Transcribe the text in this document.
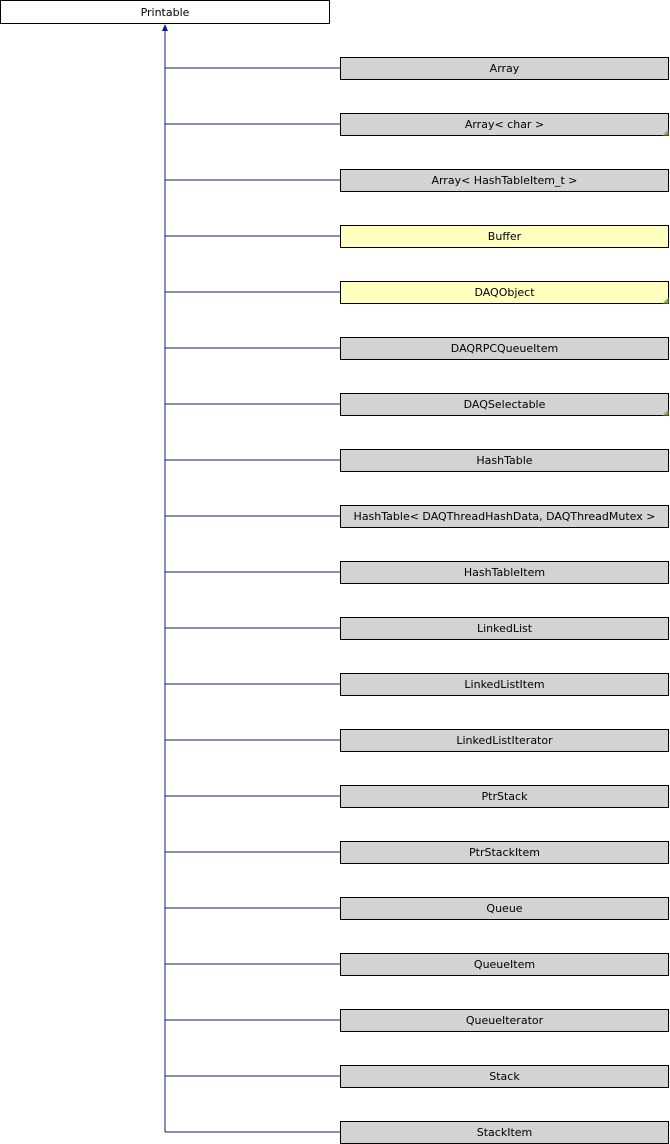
Printable
Array
Array< char >
Array< HashTableItem_t >
Buffer
DAQObject
DAQRPCQueueItem
DAQSelectable
HashTable
HashTable< DAQThreadHashData, DAQThreadMutex >
HashTableItem
LinkedList
LinkedListItem
LinkedListIterator
PtrStack
PtrStackItem
Queue
QueueItem
QueueIterator
Stack
StackItem
